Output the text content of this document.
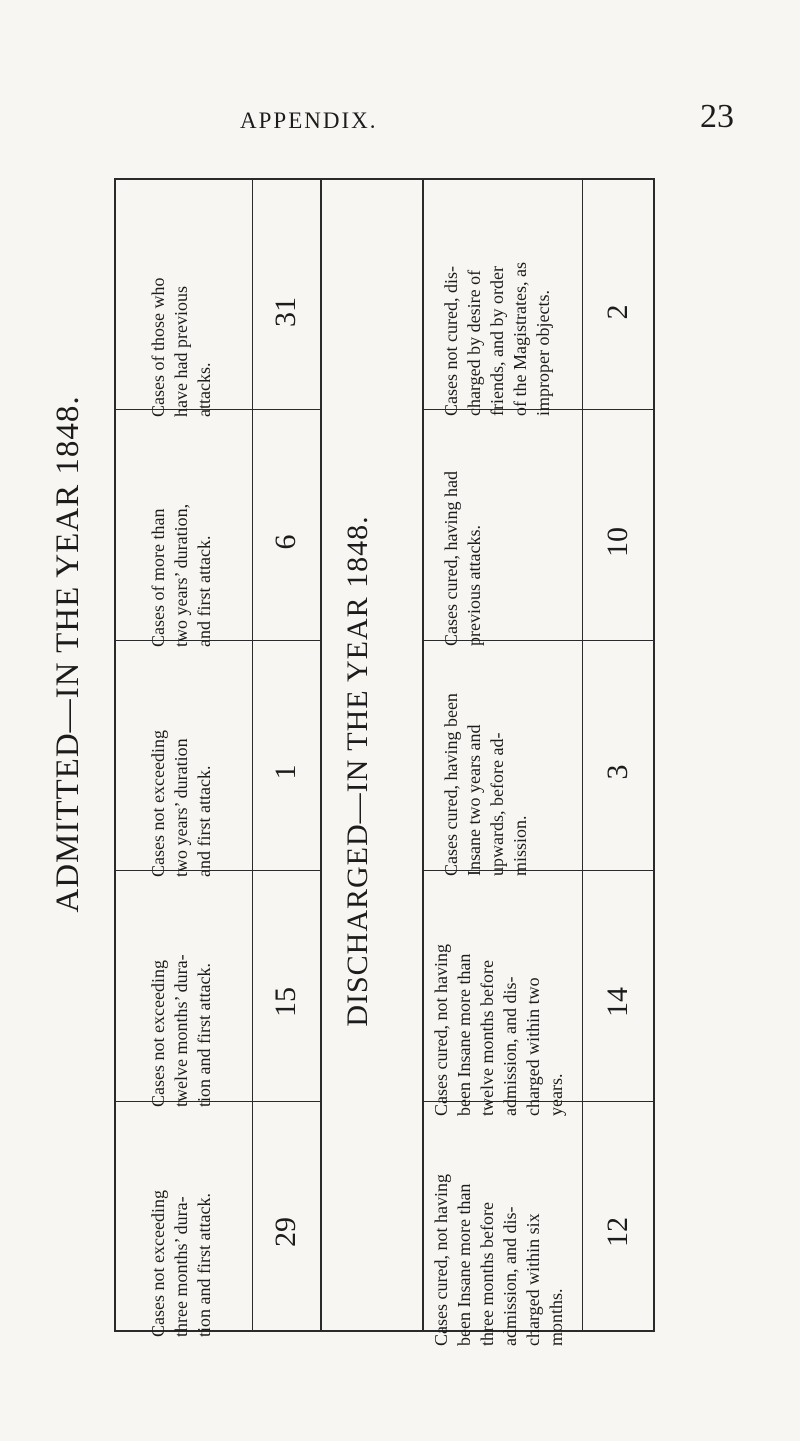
APPENDIX.	23
ADMITTED—IN THE YEAR 1848.	DISCHARGED—IN THE YEAR 1848.
Cases of those who
have had previous
attacks.
Cases of more than
two years’ duration,
and first attack.
Cases not exceeding
two years’ duration
and first attack.
Cases not exceeding
twelve months’ dura-
tion and first attack.
Cases not exceeding
three months’ dura-
tion and first attack.
31
6
1
15
29
Cases not cured, dis-
charged by desire of
friends, and by order
of the Magistrates, as
improper objects.
Cases cured, having had
previous attacks.
Cases cured, having been
Insane two years and
upwards, before ad-
mission.
Cases cured, not having
been Insane more than
twelve months before
admission, and dis-
charged within two
years.
Cases cured, not having
been Insane more than
three months before
admission, and dis-
charged within six
months.
2
10
3
14
12
